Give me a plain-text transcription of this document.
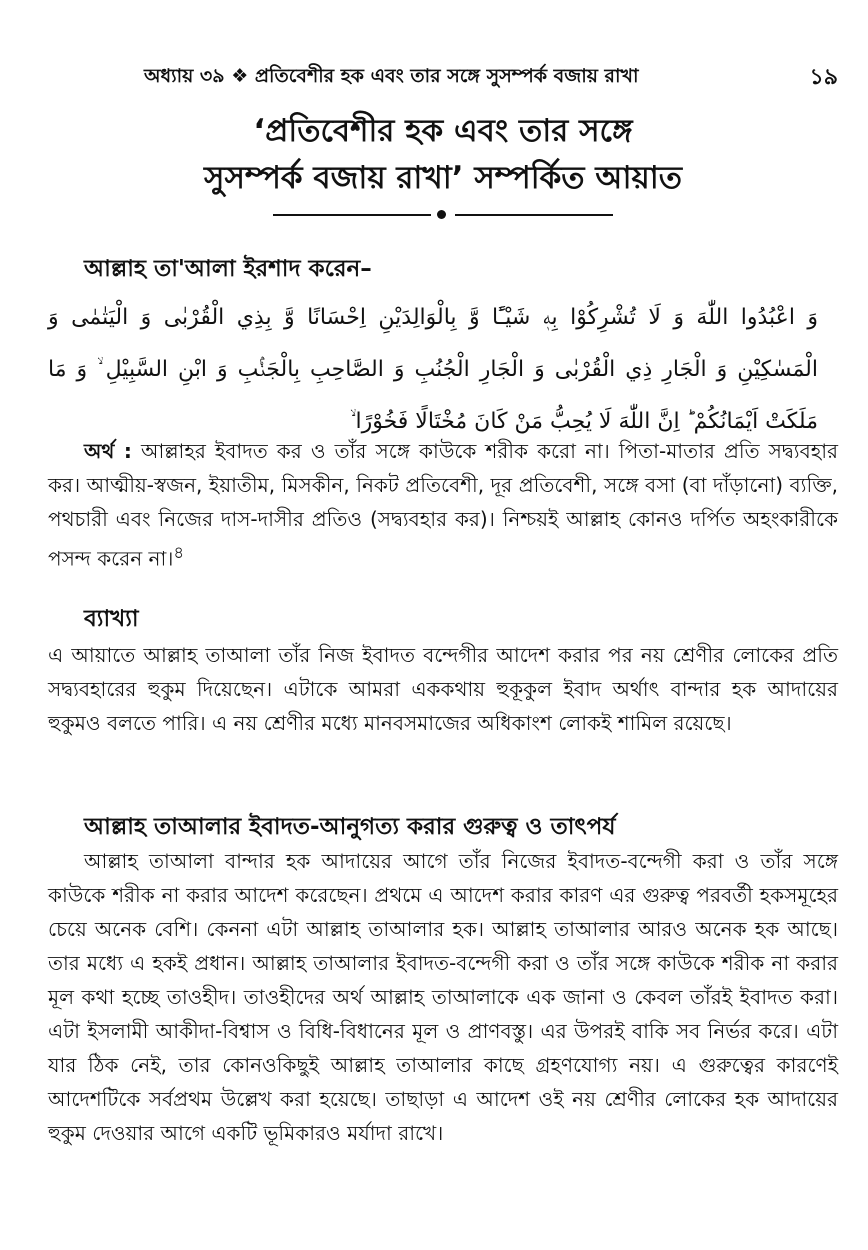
অধ্যায় ৩৯ ❖ প্রতিবেশীর হক এবং তার সঙ্গে সুসম্পর্ক বজায় রাখা	১৯
‘প্রতিবেশীর হক এবং তার সঙ্গে
সুসম্পর্ক বজায় রাখা’ সম্পর্কিত আয়াত
আল্লাহ তা'আলা ইরশাদ করেন–
وَ اعْبُدُوا اللّٰهَ وَ لَا تُشْرِكُوْا بِهٖ شَيْـًٔا وَّ بِالْوَالِدَيْنِ اِحْسَانًا وَّ بِذِي الْقُرْبٰى وَ الْيَتٰمٰى وَ الْمَسٰكِيْنِ وَ الْجَارِ ذِي الْقُرْبٰى وَ الْجَارِ الْجُنُبِ وَ الصَّاحِبِ بِالْجَنْۢبِ وَ ابْنِ السَّبِيْلِ ۙ وَ مَا مَلَكَتْ اَيْمَانُكُمْ ؕ اِنَّ اللّٰهَ لَا يُحِبُّ مَنْ كَانَ مُخْتَالًا فَخُوْرًا ۙ
অর্থ : আল্লাহর ইবাদত কর ও তাঁর সঙ্গে কাউকে শরীক করো না। পিতা-মাতার প্রতি সদ্ব্যবহার কর। আত্মীয়-স্বজন, ইয়াতীম, মিসকীন, নিকট প্রতিবেশী, দূর প্রতিবেশী, সঙ্গে বসা (বা দাঁড়ানো) ব্যক্তি, পথচারী এবং নিজের দাস-দাসীর প্রতিও (সদ্ব্যবহার কর)। নিশ্চয়ই আল্লাহ কোনও দর্পিত অহংকারীকে পসন্দ করেন না।$^৪$
ব্যাখ্যা
এ আয়াতে আল্লাহ তাআলা তাঁর নিজ ইবাদত বন্দেগীর আদেশ করার পর নয় শ্রেণীর লোকের প্রতি সদ্ব্যবহারের হুকুম দিয়েছেন। এটাকে আমরা এককথায় হুকূকুল ইবাদ অর্থাৎ বান্দার হক আদায়ের হুকুমও বলতে পারি। এ নয় শ্রেণীর মধ্যে মানবসমাজের অধিকাংশ লোকই শামিল রয়েছে।
আল্লাহ তাআলার ইবাদত-আনুগত্য করার গুরুত্ব ও তাৎপর্য
আল্লাহ তাআলা বান্দার হক আদায়ের আগে তাঁর নিজের ইবাদত-বন্দেগী করা ও তাঁর সঙ্গে কাউকে শরীক না করার আদেশ করেছেন। প্রথমে এ আদেশ করার কারণ এর গুরুত্ব পরবর্তী হকসমূহের চেয়ে অনেক বেশি। কেননা এটা আল্লাহ তাআলার হক। আল্লাহ তাআলার আরও অনেক হক আছে। তার মধ্যে এ হকই প্রধান। আল্লাহ তাআলার ইবাদত-বন্দেগী করা ও তাঁর সঙ্গে কাউকে শরীক না করার মূল কথা হচ্ছে তাওহীদ। তাওহীদের অর্থ আল্লাহ তাআলাকে এক জানা ও কেবল তাঁরই ইবাদত করা। এটা ইসলামী আকীদা-বিশ্বাস ও বিধি-বিধানের মূল ও প্রাণবস্তু। এর উপরই বাকি সব নির্ভর করে। এটা যার ঠিক নেই, তার কোনওকিছুই আল্লাহ তাআলার কাছে গ্রহণযোগ্য নয়। এ গুরুত্বের কারণেই আদেশটিকে সর্বপ্রথম উল্লেখ করা হয়েছে। তাছাড়া এ আদেশ ওই নয় শ্রেণীর লোকের হক আদায়ের হুকুম দেওয়ার আগে একটি ভূমিকারও মর্যাদা রাখে।
